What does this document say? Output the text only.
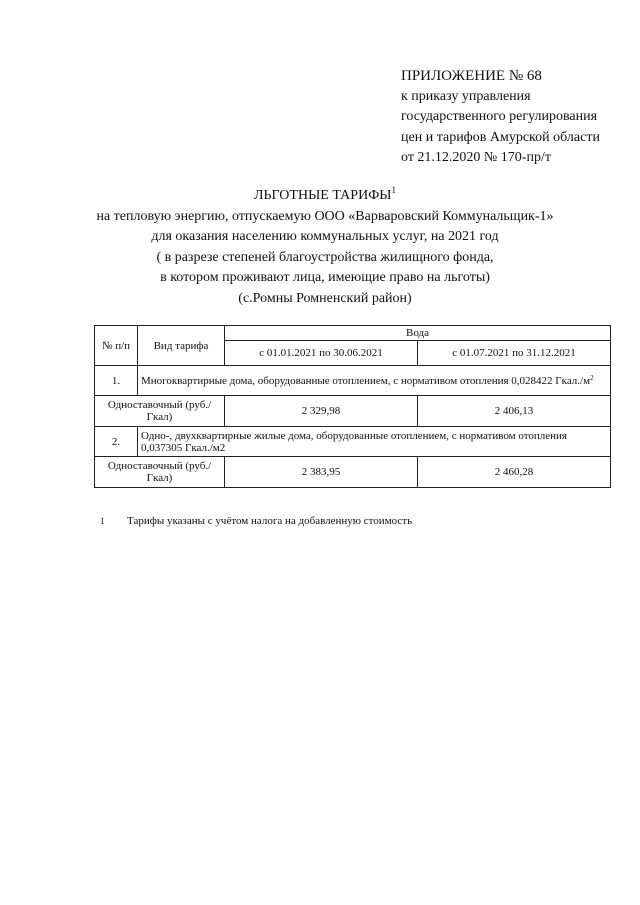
ПРИЛОЖЕНИЕ № 68
к приказу управления
государственного регулирования
цен и тарифов Амурской области
от 21.12.2020 № 170-пр/т
ЛЬГОТНЫЕ ТАРИФЫ$^1$
на тепловую энергию, отпускаемую ООО «Варваровский Коммунальщик-1»
для оказания населению коммунальных услуг, на 2021 год
( в разрезе степеней благоустройства жилищного фонда,
в котором проживают лица, имеющие право на льготы)
(с.Ромны Ромненский район)
№ п/п	Вид тарифа	Вода	
		с 01.01.2021 по 30.06.2021	с 01.07.2021 по 31.12.2021
1.	Многоквартирные дома, оборудованные отоплением, с нормативом отопления 0,028422 $Гкал./м^2$
Одноставочный (руб./Гкал)		2 329,98	2 406,13
2.	Одно-, двухквартирные жилые дома, оборудованные отоплением, с нормативом отопления 0,037305 Гкал./м2		
Одноставочный (руб./Гкал)		2 383,95	2 460,28
1 Тарифы указаны с учётом налога на добавленную стоимость
